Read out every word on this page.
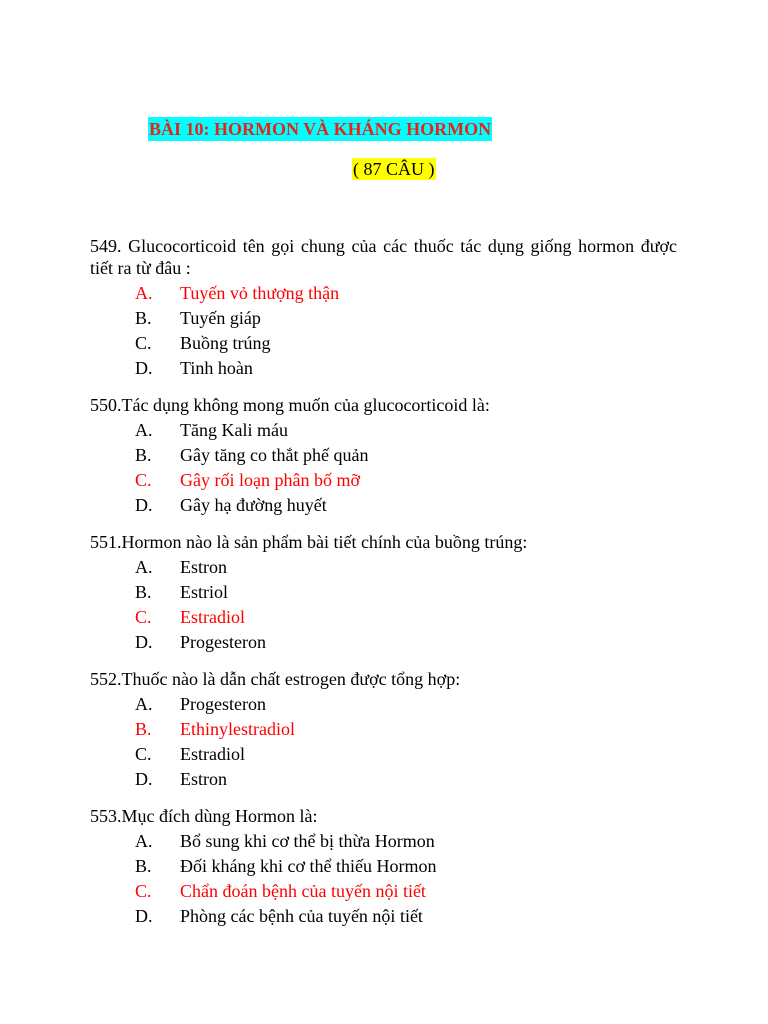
BÀI 10: HORMON VÀ KHÁNG HORMON
( 87 CÂU )
549. Glucocorticoid tên gọi chung của các thuốc tác dụng giống hormon được tiết ra từ đâu :
A.	Tuyến vỏ thượng thận
B.	Tuyến giáp
C.	Buồng trúng
D.	Tinh hoàn
550.Tác dụng không mong muốn của glucocorticoid là:
A.	Tăng Kali máu
B.	Gây tăng co thắt phế quản
C.	Gây rối loạn phân bố mỡ
D.	Gây hạ đường huyết
551.Hormon nào là sản phẩm bài tiết chính của buồng trúng:
A.	Estron
B.	Estriol
C.	Estradiol
D.	Progesteron
552.Thuốc nào là dẫn chất estrogen được tổng hợp:
A.	Progesteron
B.	Ethinylestradiol
C.	Estradiol
D.	Estron
553.Mục đích dùng Hormon là:
A.	Bổ sung khi cơ thể bị thừa Hormon
B.	Đối kháng khi cơ thể thiếu Hormon
C.	Chẩn đoán bệnh của tuyến nội tiết
D.	Phòng các bệnh của tuyến nội tiết
